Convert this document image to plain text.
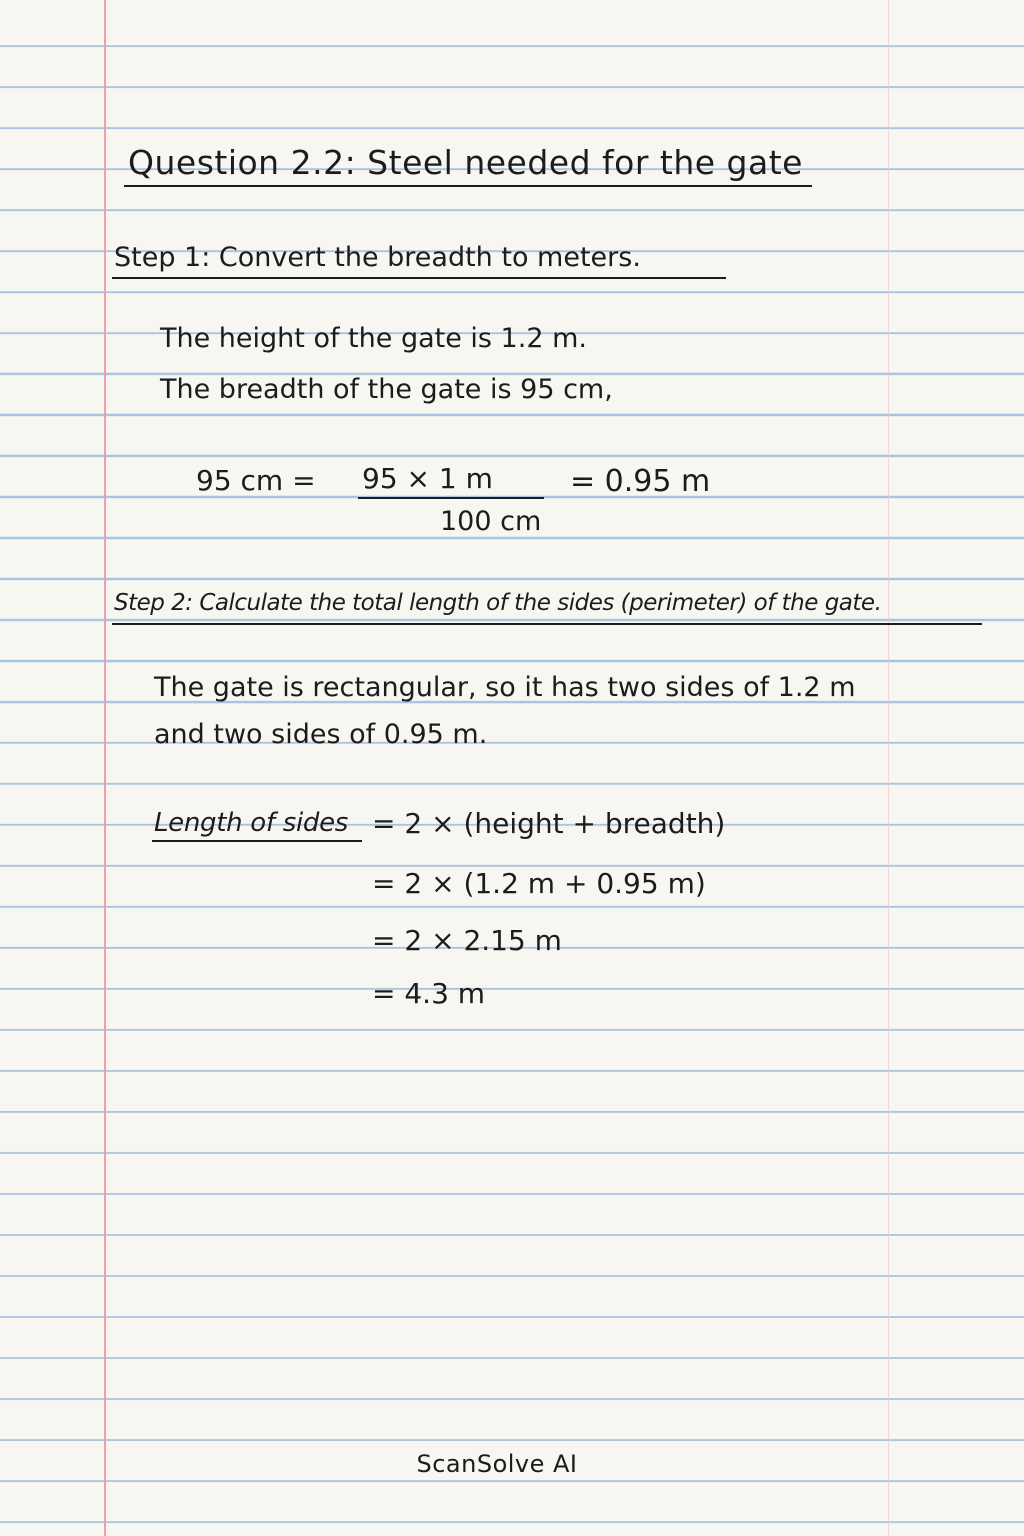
Question 2.2: Steel needed for the gate
Step 1: Convert the breadth to meters.
The height of the gate is 1.2 m.
The breadth of the gate is 95 cm,
95 cm = 95 × 1 m
100 cm
= 0.95 m
Step 2: Calculate the total length of the sides (perimeter) of the gate.
The gate is rectangular, so it has two sides of 1.2 m
and two sides of 0.95 m.
Length of sides = 2 × (height + breadth)
= 2 × (1.2 m + 0.95 m)
= 2 × 2.15 m
= 4.3 m
ScanSolve AI
